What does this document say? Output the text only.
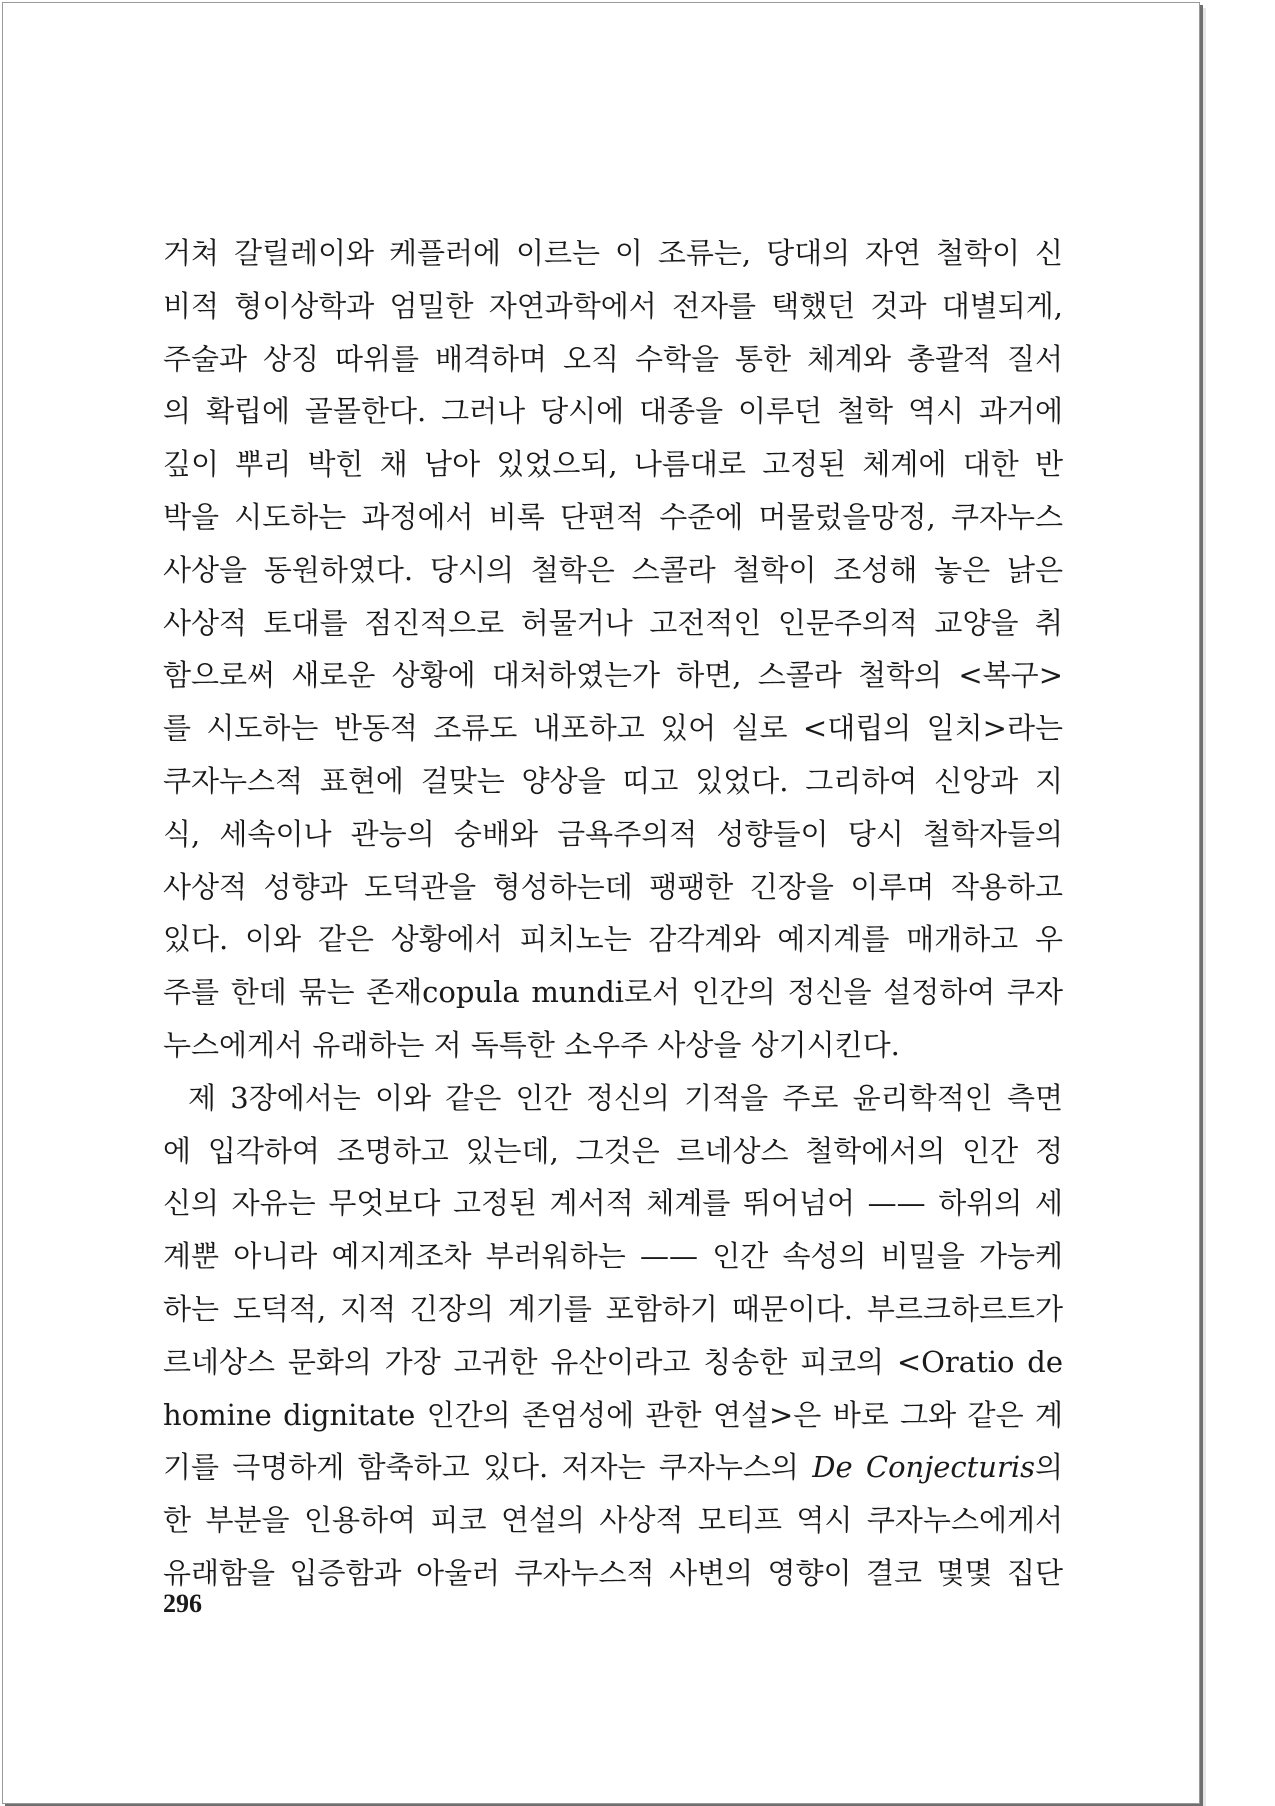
거쳐 갈릴레이와 케플러에 이르는 이 조류는, 당대의 자연 철학이 신
비적 형이상학과 엄밀한 자연과학에서 전자를 택했던 것과 대별되게,
주술과 상징 따위를 배격하며 오직 수학을 통한 체계와 총괄적 질서
의 확립에 골몰한다. 그러나 당시에 대종을 이루던 철학 역시 과거에
깊이 뿌리 박힌 채 남아 있었으되, 나름대로 고정된 체계에 대한 반
박을 시도하는 과정에서 비록 단편적 수준에 머물렀을망정, 쿠자누스
사상을 동원하였다. 당시의 철학은 스콜라 철학이 조성해 놓은 낡은
사상적 토대를 점진적으로 허물거나 고전적인 인문주의적 교양을 취
함으로써 새로운 상황에 대처하였는가 하면, 스콜라 철학의 <복구>
를 시도하는 반동적 조류도 내포하고 있어 실로 <대립의 일치>라는
쿠자누스적 표현에 걸맞는 양상을 띠고 있었다. 그리하여 신앙과 지
식, 세속이나 관능의 숭배와 금욕주의적 성향들이 당시 철학자들의
사상적 성향과 도덕관을 형성하는데 팽팽한 긴장을 이루며 작용하고
있다. 이와 같은 상황에서 피치노는 감각계와 예지계를 매개하고 우
주를 한데 묶는 존재copula mundi로서 인간의 정신을 설정하여 쿠자
누스에게서 유래하는 저 독특한 소우주 사상을 상기시킨다.
제 3장에서는 이와 같은 인간 정신의 기적을 주로 윤리학적인 측면
에 입각하여 조명하고 있는데, 그것은 르네상스 철학에서의 인간 정
신의 자유는 무엇보다 고정된 계서적 체계를 뛰어넘어 —— 하위의 세
계뿐 아니라 예지계조차 부러워하는 —— 인간 속성의 비밀을 가능케
하는 도덕적, 지적 긴장의 계기를 포함하기 때문이다. 부르크하르트가
르네상스 문화의 가장 고귀한 유산이라고 칭송한 피코의 <Oratio de
homine dignitate 인간의 존엄성에 관한 연설>은 바로 그와 같은 계
기를 극명하게 함축하고 있다. 저자는 쿠자누스의 De Conjecturis의
한 부분을 인용하여 피코 연설의 사상적 모티프 역시 쿠자누스에게서
유래함을 입증함과 아울러 쿠자누스적 사변의 영향이 결코 몇몇 집단
296
